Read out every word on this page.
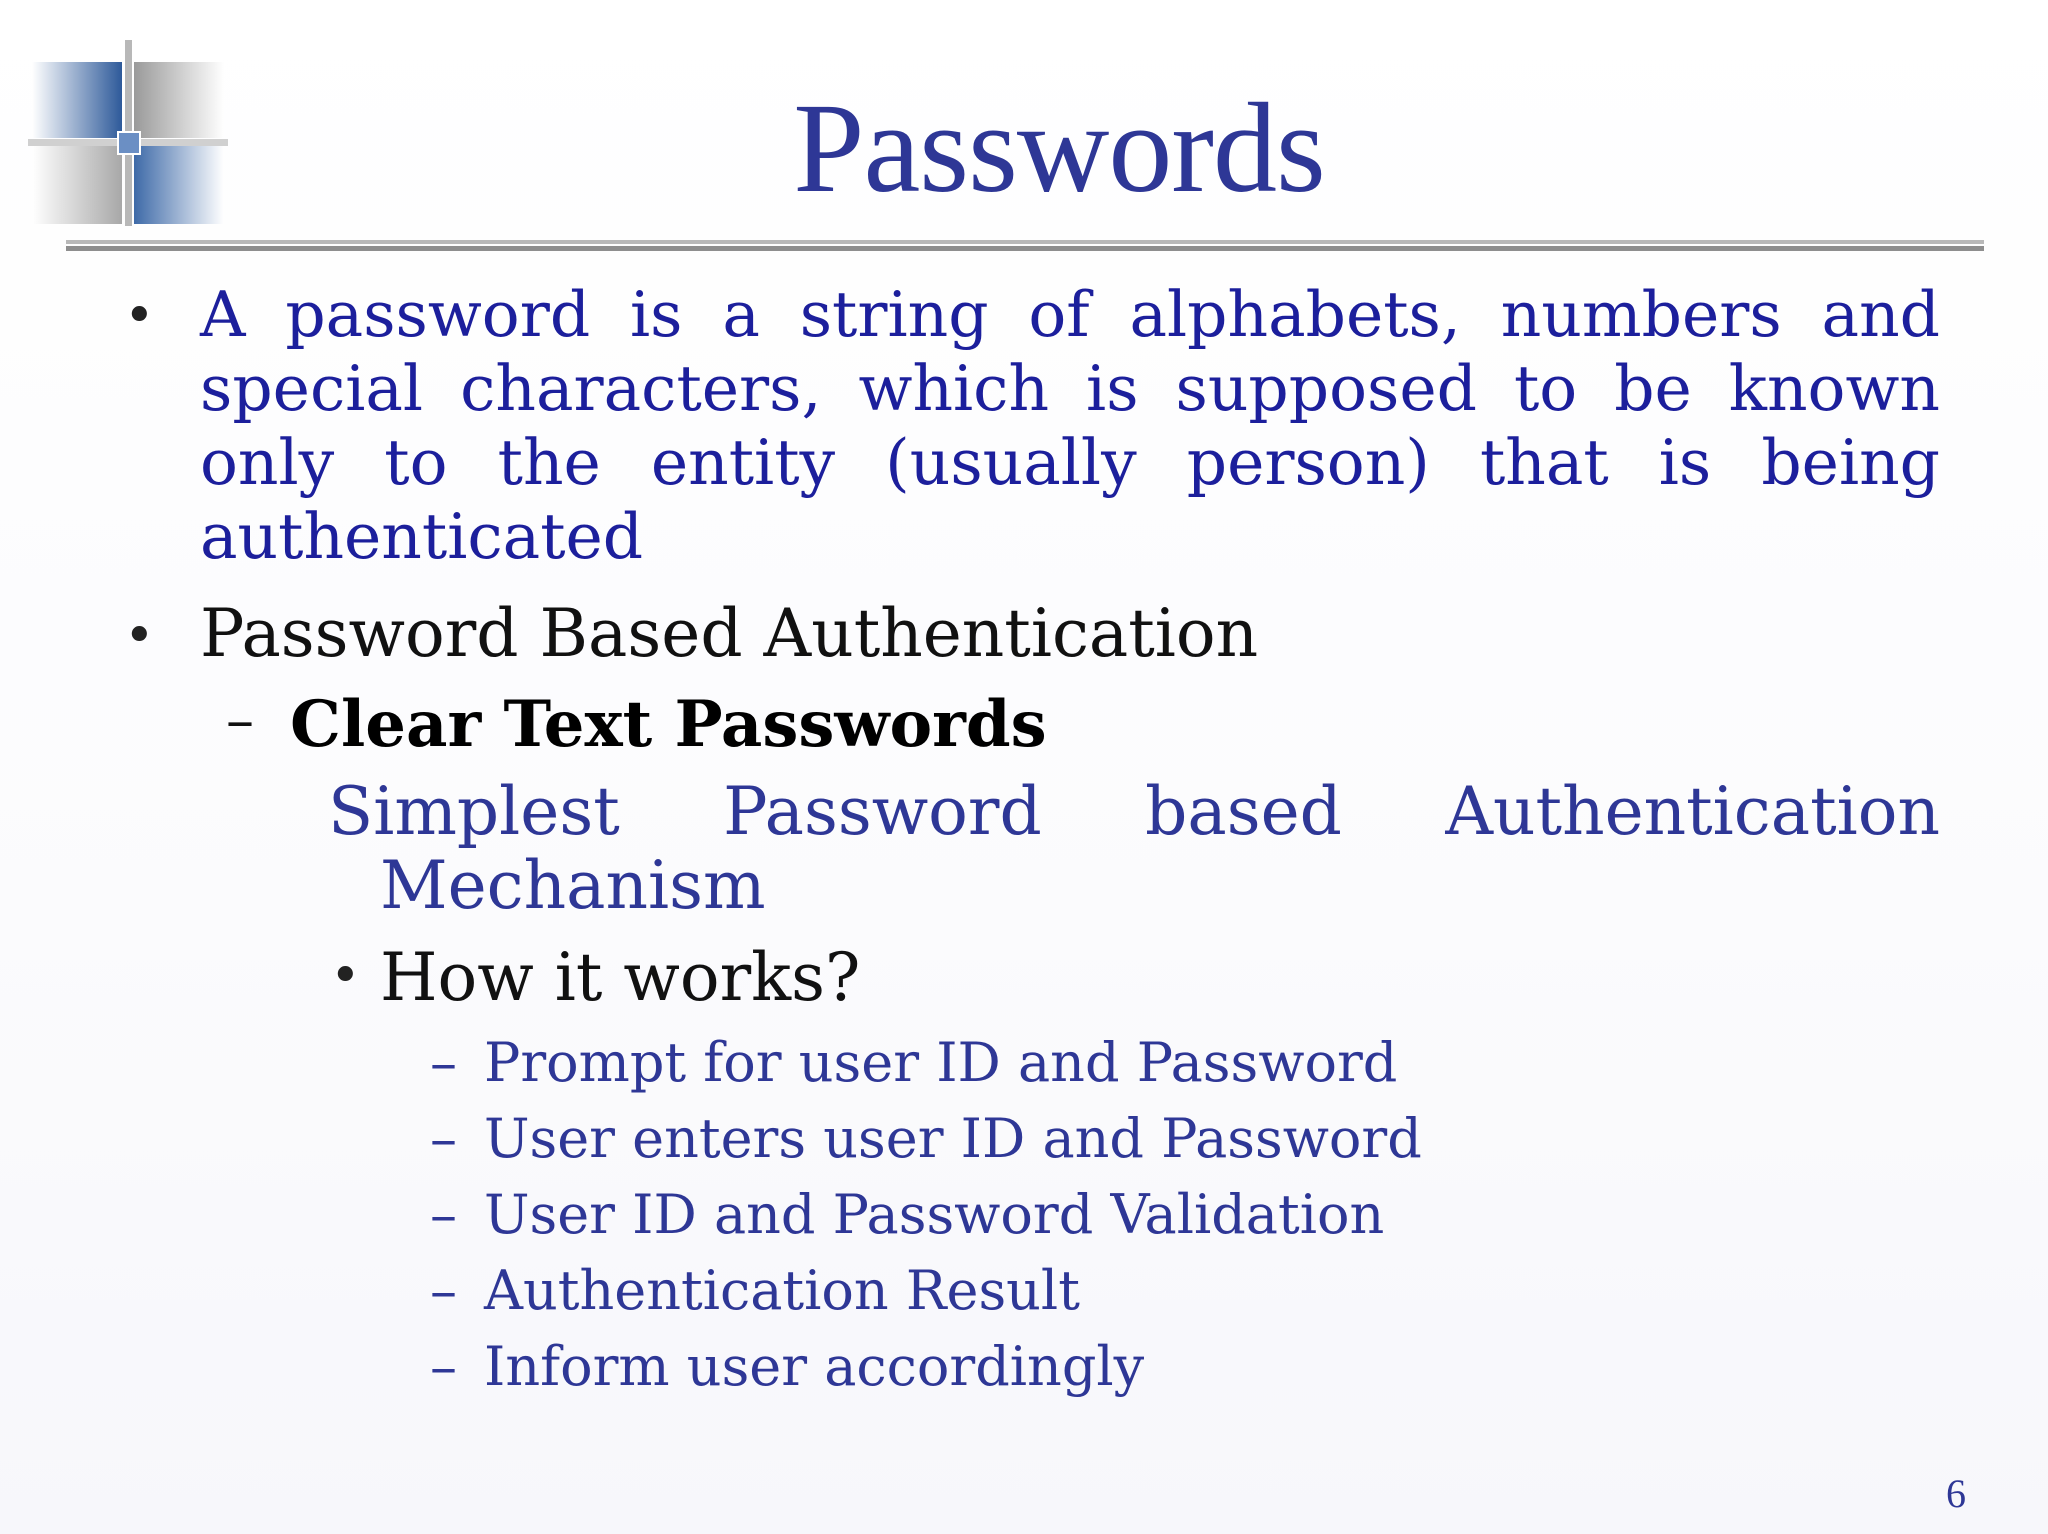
Passwords
• A password is a string of alphabets, numbers and special characters, which is supposed to be known only to the entity (usually person) that is being authenticated
• Password Based Authentication
– Clear Text Passwords
Simplest Password based Authentication
Mechanism
• How it works?
– Prompt for user ID and Password
– User enters user ID and Password
– User ID and Password Validation
– Authentication Result
– Inform user accordingly
6
